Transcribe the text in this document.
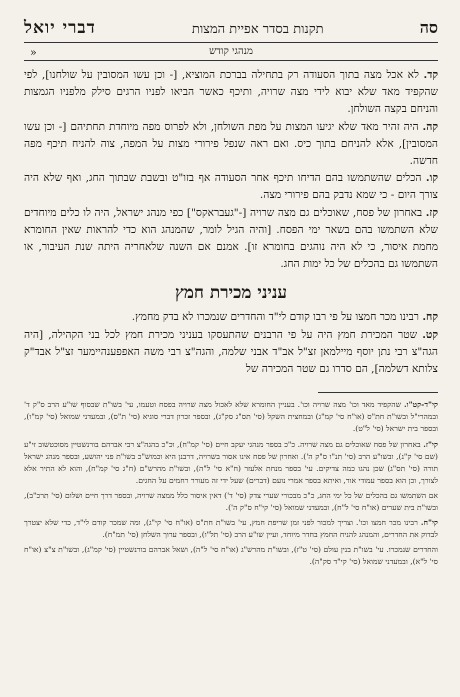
סה
תקנות בסדר אפיית המצות
דברי יואל
מנהגי קודש
«

קד. לא אכל מצה בתוך הסעודה רק בתחילה בברכת המוציא, [- וכן עשו המסובין על שולחנו], לפי שהקפיד מאד שלא יבוא לידי מצה שרויה, ותיכף כאשר הביאו לפניו הרגים סילק מלפניו הגמצות והניחם בקצה השולחן.

קה. היה זהיר מאד שלא יגיעו המצות על מפת השולחן, ולא לפרוס מפה מיוחדת תחתיהם [- וכן עשו המסובין], אלא להניחם בתוך כיס. ואם ראה שנפל פירורי מצות על המפה, צוה להניח תיכף מפה חדשה.

קו. הכלים שהשתמשו בהם הדיחו תיכף אחר הסעודה אף בזו"ט ובשבת שבתוך החג, ואף שלא היה צורך היום - כי שמא נדבק בהם פירורי מצה.

קז. באחרון של פסח, שאוכלים גם מצה שרויה [-"געבראקס"] כפי מנהג ישראל, היה לו כלים מיוחדים שלא השתמשו בהם בשאר ימי הפסח. [והיה הגיל לומר, שהמנהג הוא כדי להראות שאין החומרא מחמת איסור, כי לא היה נוהגים בחומרא זו]. אמנם אם השנה שלאחריה היתה שנת העיבור, או השתמשו גם בהכלים של כל ימות החג.

עניני מכירת חמץ

קח. רבינו מכר חמצו על פי רבו קודם לי"ד והחדרים שנמכרו לא בדק מחמץ.

קט. שטר המכירת חמץ היה על פי הרבנים שהתעסקו בעניני מכירת חמץ לכל בני הקהילה, [היה הגה"צ רבי נתן יוסף מיילמאן זצ"ל אב"ד אבני שלמה, והגה"צ רבי משה האפפענהיימער זצ"ל אבד"ק צלותא דשלמה], הם סדרו גם שטר המכירה של

קי"ד-קט"ו. שהקפיד מאד וכו' מצה שרויה וכו'. בעניין החומרא שלא לאכול מצה שרויה בפסח וטעמו, עי' בשו"ת שבסוף שו"ע הרב ס"ק ד' ובמהרי"ל ובשו"ת חת"ס (או"ח סי' קמ"ג) ובמחצית השקל (סי' תס"ג סק"ג), ובספר זכרון דברי סוגיא (סי' ת"ס), ובמעדני שמואל (סי' קמ"ו), ובספר בית ישראל (סי' ל"ט).

קי"ז. באחרון של פסח שאוכלים גם מצה שרויה. כ"כ בספר מנהגי יעקב חיים (סי' קמ"ח), וכ"כ בהגה"צ רבי אברהם בורנשטיין מסוכטשוב זי"ע (שם סי' ק"נ), ובשו"ע הרב (סי' תנ"ו ס"ק ה'). ואחרון של פסח אינו אסור בשרויה, דרבנן היא וכמוש"כ בשו"ת פני יהושע, ובספר מנהג ישראל תורה (סי' תס"ג) שכן נהגו כמה צדיקים. עי' בספר מנחת אלעזר (ח"א סי' ל"ה), ובשו"ת מהרש"ם (ח"ג סי' קמ"ח), והוא לא התיר אלא לצורך, וכן הוא בספר עמודי אור, ואיתא בספר אמרי נועם (דברים) שעל ידי זה מעורר רחמים על החגים.

אם השתמשו גם בהכלים של כל ימי החג, כ"כ מבכורי שערי צדק (סי' ד') דאין איסור כלל ממצה שרויה, ובספר דרך חיים ושלום (סי' תרכ"ב), ובשו"ת בית שערים (או"ח סי' ל"ח), ובמעדני שמואל (סי' קי"ח ס"ק ה').

קי"ח. רבינו מכר חמצו וכו'. וצריך למכור לפני זמן שריפת חמץ, עי' בשו"ת חת"ס (או"ח סי' קי"ג), ומה שמכר קודם לי"ד, כדי שלא יצטרך לבדוק את החדרים, והמנהג להניח החמץ בחדר מיוחד, ועיין שו"ע הרב (סי' תל"ו), ובספר ערוך השלחן (סי' תמ"ח).

והחדרים שנמכרו. עי' בשו"ת בנין עולם (סי' ט"ז), ובשו"ת מהרש"ג (או"ח סי' ל"ה), ושאל אברהם בורנשטיין (סי' קמ"ג), ובשו"ת צ"צ (או"ח סי' ל"א), ובמעדני שמואל (סי' קי"ד סק"ה).
